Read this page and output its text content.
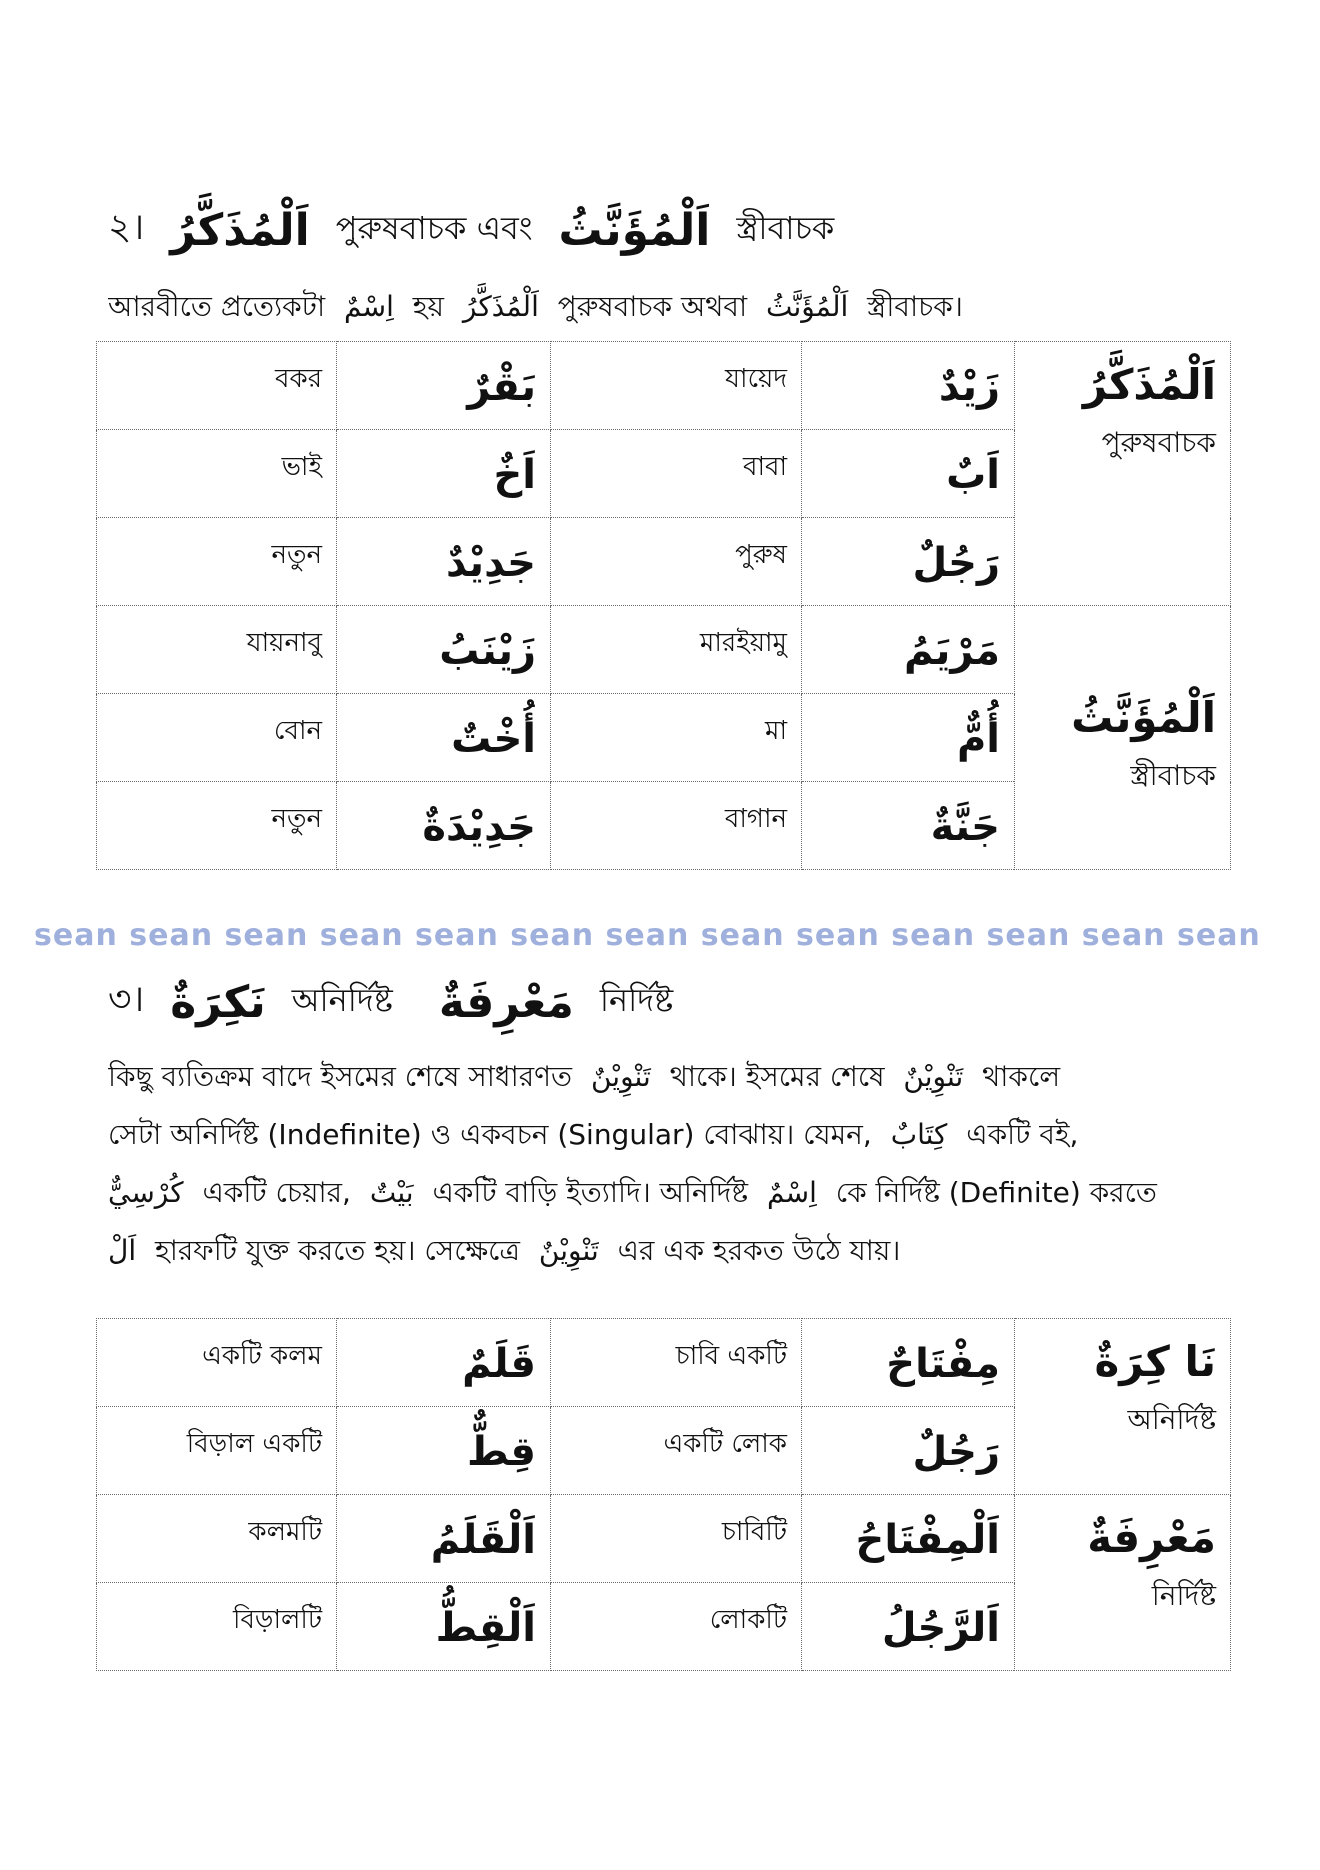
২। اَلْمُذَكَّرُ পুরুষবাচক এবং اَلْمُؤَنَّثُ স্ত্রীবাচক

আরবীতে প্রত্যেকটা اِسْمٌ হয় اَلْمُذَكَّرُ পুরুষবাচক অথবা اَلْمُؤَنَّثُ স্ত্রীবাচক।

বকর	بَقْرٌ	যায়েদ	زَيْدٌ	اَلْمُذَكَّرُ
পুরুষবাচক

ভাই	اَخٌ	বাবা	اَبٌ	

নতুন	جَدِيْدٌ	পুরুষ	رَجُلٌ	

যায়নাবু	زَيْنَبُ	মারইয়ামু	مَرْيَمُ	اَلْمُؤَنَّثُ
স্ত্রীবাচক

বোন	أُخْتٌ	মা	أُمٌّ	

নতুন	جَدِيْدَةٌ	বাগান	جَنَّةٌ	
sean sean sean sean sean sean sean sean sean sean sean sean sean
৩। نَكِرَةٌ অনির্দিষ্ট مَعْرِفَةٌ নির্দিষ্ট

কিছু ব্যতিক্রম বাদে ইসমের শেষে সাধারণত تَنْوِيْنٌ থাকে। ইসমের শেষে تَنْوِيْنٌ থাকলে

সেটা অনির্দিষ্ট (Indefinite) ও একবচন (Singular) বোঝায়। যেমন, كِتَابٌ একটি বই,

كُرْسِيٌّ একটি চেয়ার, بَيْتٌ একটি বাড়ি ইত্যাদি। অনির্দিষ্ট اِسْمٌ কে নির্দিষ্ট (Definite) করতে

اَلْ হারফটি যুক্ত করতে হয়। সেক্ষেত্রে تَنْوِيْنٌ এর এক হরকত উঠে যায়।

একটি কলম	قَلَمٌ	চাবি একটি	مِفْتَاحٌ	نَا كِرَةٌ
অনির্দিষ্ট

বিড়াল একটি	قِطٌّ	একটি লোক	رَجُلٌ	

কলমটি	اَلْقَلَمُ	চাবিটি	اَلْمِفْتَاحُ	مَعْرِفَةٌ
নির্দিষ্ট

বিড়ালটি	اَلْقِطُّ	লোকটি	اَلرَّجُلُ	
